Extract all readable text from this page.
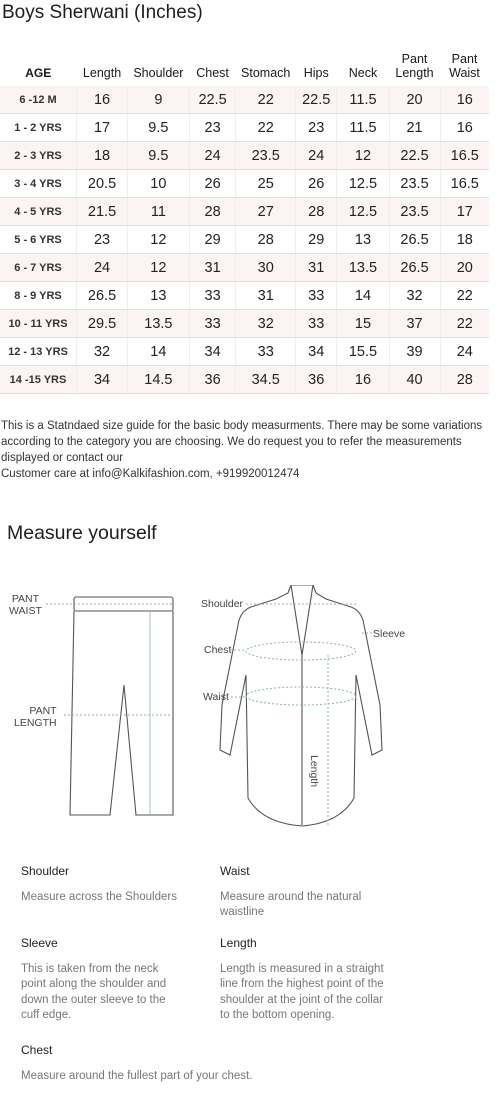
Boys Sherwani (Inches)
AGE	Length	Shoulder	Chest	Stomach	Hips	Neck	Pant Length	Pant Waist
6 -12 M	16	9	22.5	22	22.5	11.5	20	16
1 - 2 YRS	17	9.5	23	22	23	11.5	21	16
2 - 3 YRS	18	9.5	24	23.5	24	12	22.5	16.5
3 - 4 YRS	20.5	10	26	25	26	12.5	23.5	16.5
4 - 5 YRS	21.5	11	28	27	28	12.5	23.5	17
5 - 6 YRS	23	12	29	28	29	13	26.5	18
6 - 7 YRS	24	12	31	30	31	13.5	26.5	20
8 - 9 YRS	26.5	13	33	31	33	14	32	22
10 - 11 YRS	29.5	13.5	33	32	33	15	37	22
12 - 13 YRS	32	14	34	33	34	15.5	39	24
14 -15 YRS	34	14.5	36	34.5	36	16	40	28

This is a Statndaed size guide for the basic body measurments. There may be some variations according to the category you are choosing. We do request you to refer the measurements displayed or contact our

Customer care at info@Kalkifashion.com, +919920012474

Measure yourself
PANT
WAIST
PANT
LENGTH
Shoulder
Chest
Waist
Sleeve
Length
Shoulder
Measure across the Shoulders
Waist
Measure around the natural waistline
Sleeve
This is taken from the neck point along the shoulder and down the outer sleeve to the cuff edge.
Length
Length is measured in a straight line from the highest point of the shoulder at the joint of the collar to the bottom opening.
Chest
Measure around the fullest part of your chest.
